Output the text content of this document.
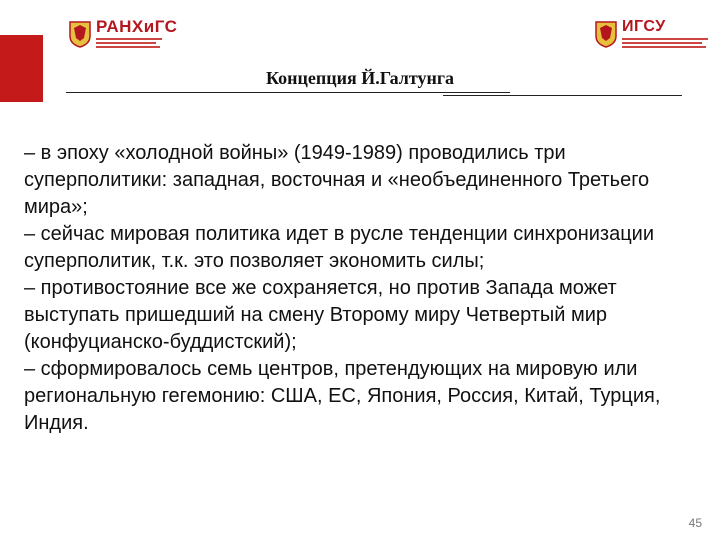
РАНХиГС	ИГСУ
Концепция Й.Галтунга

– в эпоху «холодной войны» (1949-1989) проводились три суперполитики: западная, восточная и «необъединенного Третьего мира»;

– сейчас мировая политика идет в русле тенденции синхронизации суперполитик, т.к. это позволяет экономить силы;

– противостояние все же сохраняется, но против Запада может выступать пришедший на смену Второму миру Четвертый мир (конфуцианско-буддистский);

– сформировалось семь центров, претендующих на мировую или региональную гегемонию: США, ЕС, Япония, Россия, Китай, Турция, Индия.

45
